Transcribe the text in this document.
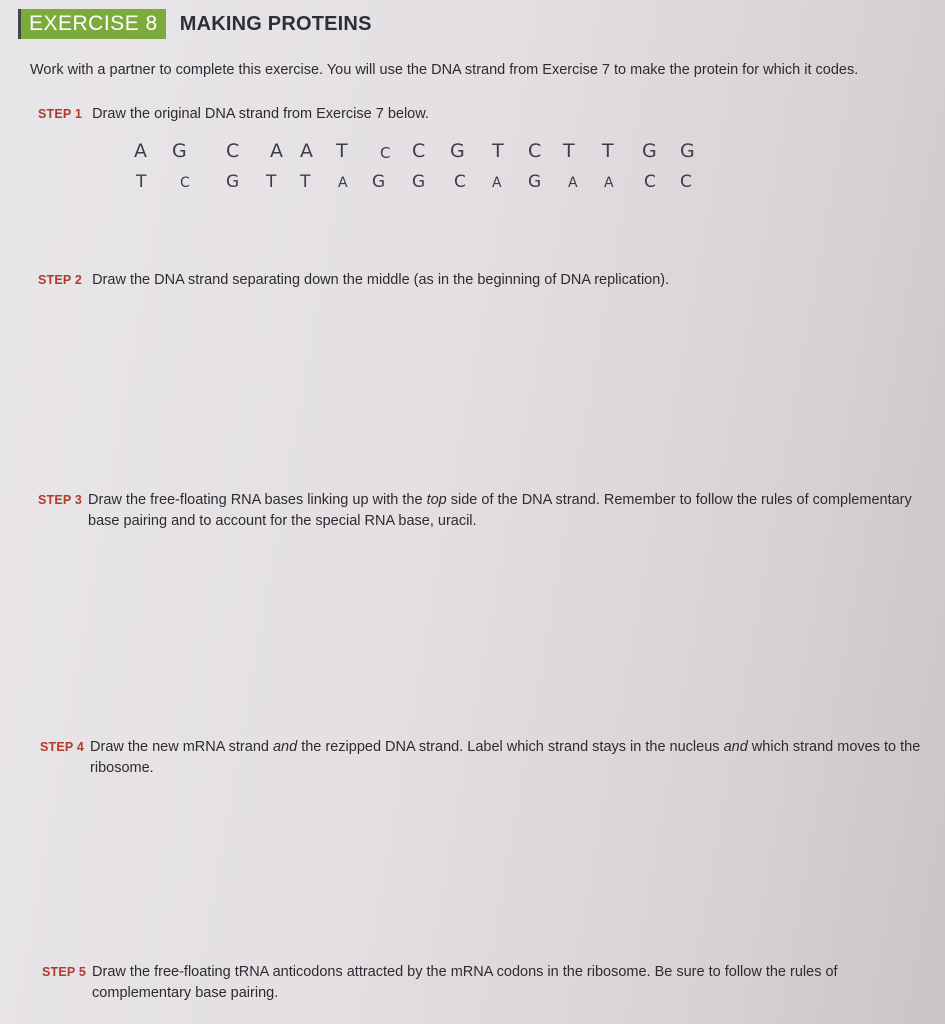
EXERCISE 8	MAKING PROTEINS
Work with a partner to complete this exercise. You will use the DNA strand from Exercise 7 to make the protein for which it codes.
STEP 1 Draw the original DNA strand from Exercise 7 below.
A G C A A T C C G T C T T G G
T C G T T A G G C A G A A C C
STEP 2 Draw the DNA strand separating down the middle (as in the beginning of DNA replication).
STEP 3 Draw the free-floating RNA bases linking up with the top side of the DNA strand. Remember to follow the rules of complementary base pairing and to account for the special RNA base, uracil.
STEP 4 Draw the new mRNA strand and the rezipped DNA strand. Label which strand stays in the nucleus and which strand moves to the ribosome.
STEP 5 Draw the free-floating tRNA anticodons attracted by the mRNA codons in the ribosome. Be sure to follow the rules of complementary base pairing.
